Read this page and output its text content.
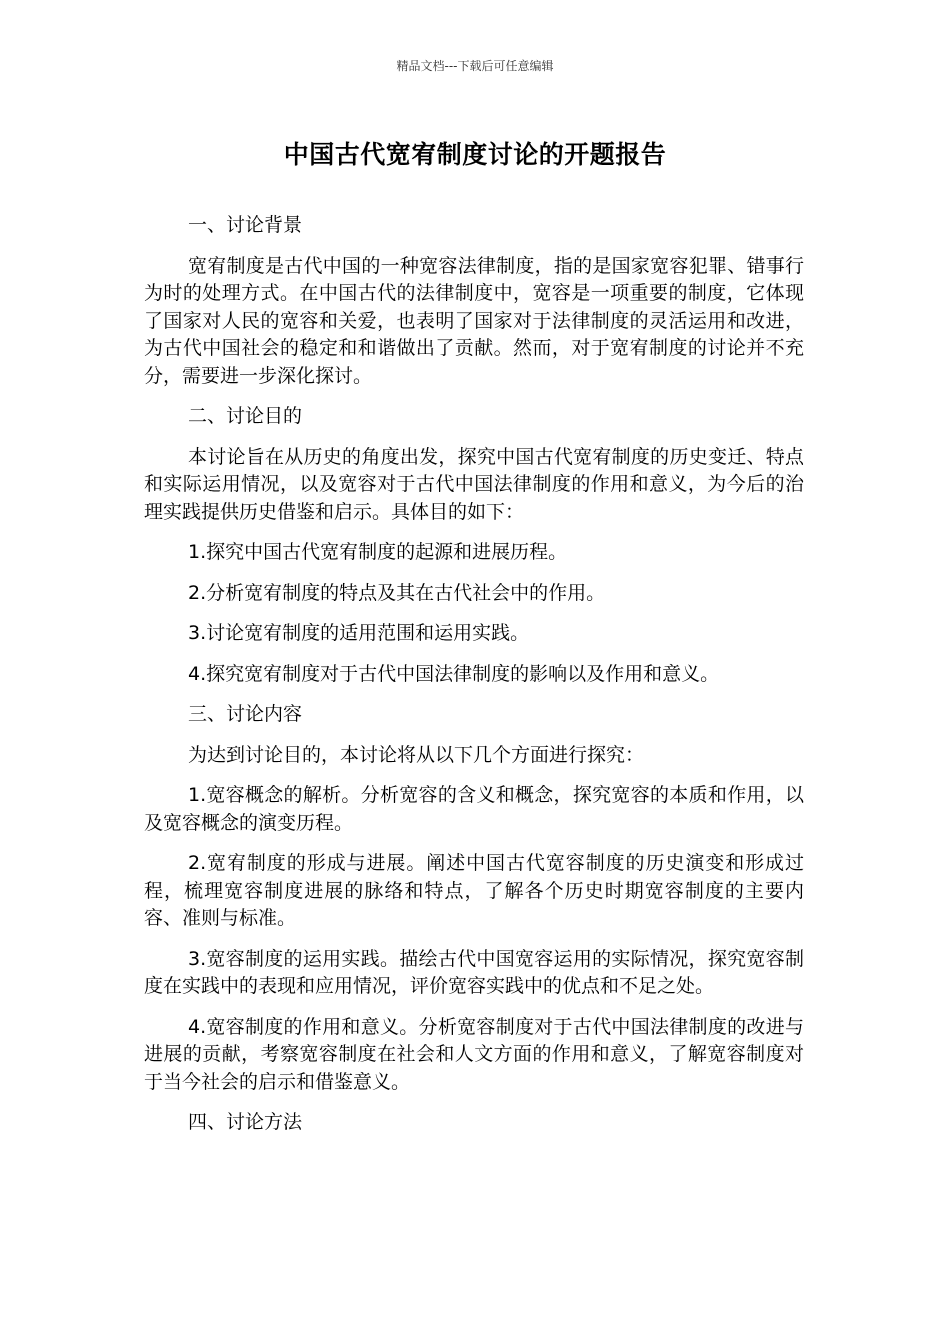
精品文档---下载后可任意编辑
中国古代宽宥制度讨论的开题报告

一、讨论背景

宽宥制度是古代中国的一种宽容法律制度，指的是国家宽容犯罪、错事行为时的处理方式。在中国古代的法律制度中，宽容是一项重要的制度，它体现了国家对人民的宽容和关爱，也表明了国家对于法律制度的灵活运用和改进，为古代中国社会的稳定和和谐做出了贡献。然而，对于宽宥制度的讨论并不充分，需要进一步深化探讨。

二、讨论目的

本讨论旨在从历史的角度出发，探究中国古代宽宥制度的历史变迁、特点和实际运用情况，以及宽容对于古代中国法律制度的作用和意义，为今后的治理实践提供历史借鉴和启示。具体目的如下：

1.探究中国古代宽宥制度的起源和进展历程。

2.分析宽宥制度的特点及其在古代社会中的作用。

3.讨论宽宥制度的适用范围和运用实践。

4.探究宽宥制度对于古代中国法律制度的影响以及作用和意义。

三、讨论内容

为达到讨论目的，本讨论将从以下几个方面进行探究：

1.宽容概念的解析。分析宽容的含义和概念，探究宽容的本质和作用，以及宽容概念的演变历程。

2.宽宥制度的形成与进展。阐述中国古代宽容制度的历史演变和形成过程，梳理宽容制度进展的脉络和特点，了解各个历史时期宽容制度的主要内容、准则与标准。

3.宽容制度的运用实践。描绘古代中国宽容运用的实际情况，探究宽容制度在实践中的表现和应用情况，评价宽容实践中的优点和不足之处。

4.宽容制度的作用和意义。分析宽容制度对于古代中国法律制度的改进与进展的贡献，考察宽容制度在社会和人文方面的作用和意义，了解宽容制度对于当今社会的启示和借鉴意义。

四、讨论方法
